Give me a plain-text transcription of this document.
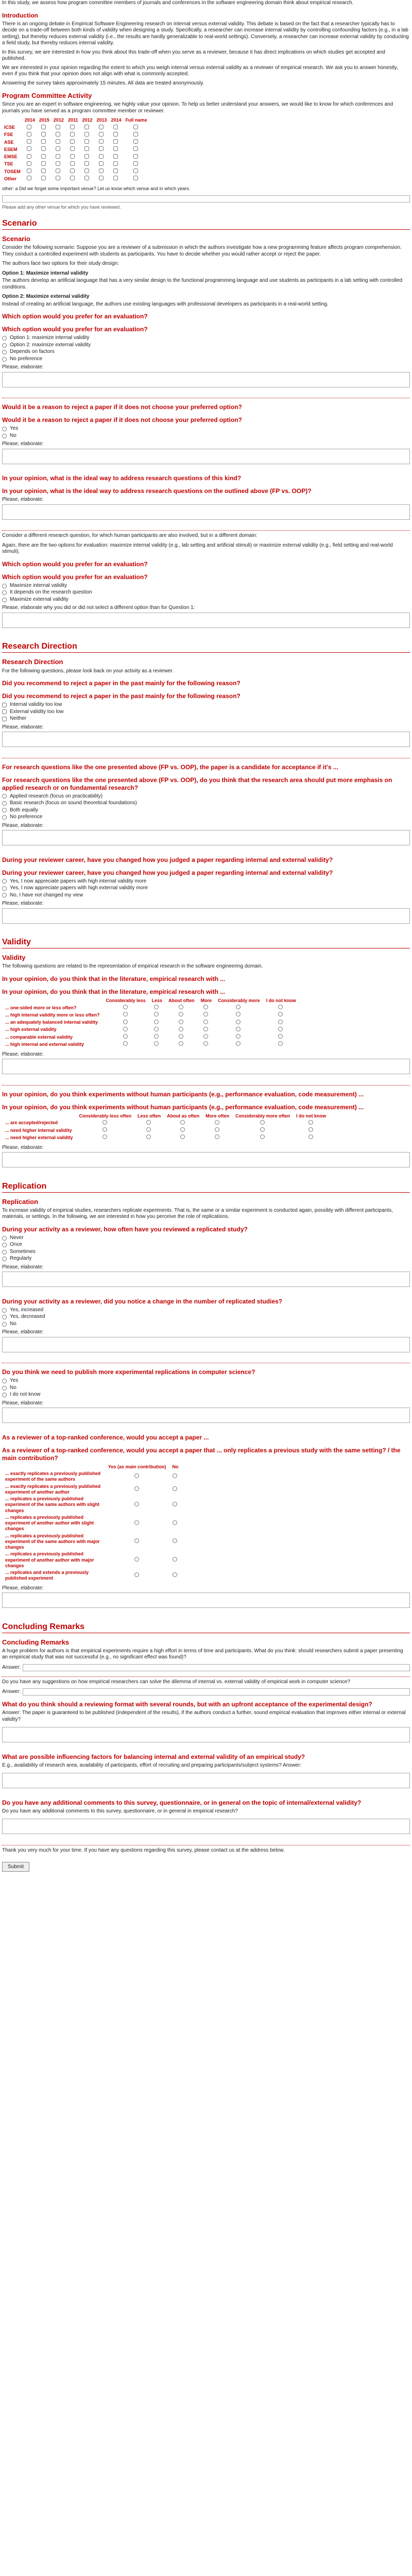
In this study, we assess how program committee members of journals and conferences in the software engineering domain think about empirical research.

Introduction

There is an ongoing debate in Empirical Software Engineering research on internal versus external validity. This debate is based on the fact that a researcher typically has to decide on a trade-off between both kinds of validity when designing a study. Specifically, a researcher can increase internal validity by controlling confounding factors (e.g., in a lab setting), but thereby reduces external validity (i.e., the results are hardly generalizable to real-world settings). Conversely, a researcher can increase external validity by conducting a field study, but thereby reduces internal validity.

In this survey, we are interested in how you think about this trade-off when you serve as a reviewer, because it has direct implications on which studies get accepted and published.

We are interested in your opinion regarding the extent to which you weigh internal versus external validity as a reviewer of empirical research. We ask you to answer honestly, even if you think that your opinion does not align with what is commonly accepted.

Answering the survey takes approximately 15 minutes. All data are treated anonymously.

Program Committee Activity

Since you are an expert in software engineering, we highly value your opinion. To help us better understand your answers, we would like to know for which conferences and journals you have served as a program committee member or reviewer.

	2014	2015	2012	2011	2012	2013	2014	Full name
ICSE								
FSE								
ASE								
ESEM								
EMSE								
TSE								
TOSEM								
Other								

other: a Did we forget some important venue? Let us know which venue and in which years.

Please add any other venue for which you have reviewed.

Scenario
Scenario

Consider the following scenario: Suppose you are a reviewer of a submission in which the authors investigate how a new programming feature affects program comprehension. They conduct a controlled experiment with students as participants. You have to decide whether you would rather accept or reject the paper.

The authors face two options for their study design:

Option 1: Maximize internal validity

The authors develop an artificial language that has a very similar design to the functional programming language and use students as participants in a lab setting with controlled conditions.

Option 2: Maximize external validity

Instead of creating an artificial language, the authors use existing languages with professional developers as participants in a real-world setting.

Which option would you prefer for an evaluation?
Which option would you prefer for an evaluation?
Option 1: maximize internal validity
Option 2: maximize external validity
Depends on factors
No preference
Please, elaborate:
Would it be a reason to reject a paper if it does not choose your preferred option?
Would it be a reason to reject a paper if it does not choose your preferred option?
Yes
No
Please, elaborate:
In your opinion, what is the ideal way to address research questions of this kind?
In your opinion, what is the ideal way to address research questions on the outlined above (FP vs. OOP)?
Please, elaborate:

Consider a different research question, for which human participants are also involved, but in a different domain:

Again, there are the two options for evaluation: maximize internal validity (e.g., lab setting and artificial stimuli) or maximize external validity (e.g., field setting and real-world stimuli).

Which option would you prefer for an evaluation?
Which option would you prefer for an evaluation?
Maximize internal validity
It depends on the research question
Maximize external validity
Please, elaborate why you did or did not select a different option than for Question 1:
Research Direction
Research Direction

For the following questions, please look back on your activity as a reviewer.

Did you recommend to reject a paper in the past mainly for the following reason?
Did you recommend to reject a paper in the past mainly for the following reason?
Internal validity too low
External validity too low
Neither
Please, elaborate:
For research questions like the one presented above (FP vs. OOP), the paper is a candidate for acceptance if it's ...
For research questions like the one presented above (FP vs. OOP), do you think that the research area should put more emphasis on applied research or on fundamental research?
Applied research (focus on practicability)
Basic research (focus on sound theoretical foundations)
Both equally
No preference
Please, elaborate:
During your reviewer career, have you changed how you judged a paper regarding internal and external validity?
During your reviewer career, have you changed how you judged a paper regarding internal and external validity?
Yes, I now appreciate papers with high internal validity more
Yes, I now appreciate papers with high external validity more
No, I have not changed my view
Please, elaborate:
Validity
Validity

The following questions are related to the representation of empirical research in the software engineering domain.

In your opinion, do you think that in the literature, empirical research with ...
In your opinion, do you think that in the literature, empirical research with ...
	Considerably less	Less	About often	More	Considerably more	I do not know
... one-sided more or less often?						
... high internal validity more or less often?						
... an adequately balanced internal validity						
... high external validity						
... comparable external validity						
... high internal and external validity						
Please, elaborate:
In your opinion, do you think experiments without human participants (e.g., performance evaluation, code measurement) ...
In your opinion, do you think experiments without human participants (e.g., performance evaluation, code measurement) ...
	Considerably less often	Less often	About as often	More often	Considerably more often	I do not know
... are accepted/rejected						
... need higher internal validity						
... need higher external validity						
Please, elaborate:
Replication
Replication

To increase validity of empirical studies, researchers replicate experiments. That is, the same or a similar experiment is conducted again, possibly with different participants, materials, or settings. In the following, we are interested in how you perceive the role of replications.

During your activity as a reviewer, how often have you reviewed a replicated study?
Never
Once
Sometimes
Regularly
Please, elaborate:
During your activity as a reviewer, did you notice a change in the number of replicated studies?
Yes, increased
Yes, decreased
No
Please, elaborate:
Do you think we need to publish more experimental replications in computer science?
Yes
No
I do not know
Please, elaborate:
As a reviewer of a top-ranked conference, would you accept a paper ...
As a reviewer of a top-ranked conference, would you accept a paper that ... only replicates a previous study with the same setting? / the main contribution?
	Yes (as main contribution)	No
... exactly replicates a previously published experiment of the same authors		
... exactly replicates a previously published experiment of another author		
... replicates a previously published experiment of the same authors with slight changes		
... replicates a previously published experiment of another author with slight changes		
... replicates a previously published experiment of the same authors with major changes		
... replicates a previously published experiment of another author with major changes		
... replicates and extends a previously published experiment		
Please, elaborate:
Concluding Remarks
Concluding Remarks

A huge problem for authors is that empirical experiments require a high effort in terms of time and participants. What do you think: should researchers submit a paper presenting an empirical study that was not successful (e.g., no significant effect was found)?

Answer:

Do you have any suggestions on how empirical researchers can solve the dilemma of internal vs. external validity of empirical work in computer science?

Answer:
What do you think should a reviewing format with several rounds, but with an upfront acceptance of the experimental design?

Answer: The paper is guaranteed to be published (independent of the results), if the authors conduct a further, sound empirical evaluation that improves either internal or external validity?

What are possible influencing factors for balancing internal and external validity of an empirical study?

E.g., availability of research area, availability of participants, effort of recruiting and preparing participants/subject systems? Answer:

Do you have any additional comments to this survey, questionnaire, or in general on the topic of internal/external validity?

Do you have any additional comments to this survey, questionnaire, or in general in empirical research?

Thank you very much for your time. If you have any questions regarding this survey, please contact us at the address below.

Submit
